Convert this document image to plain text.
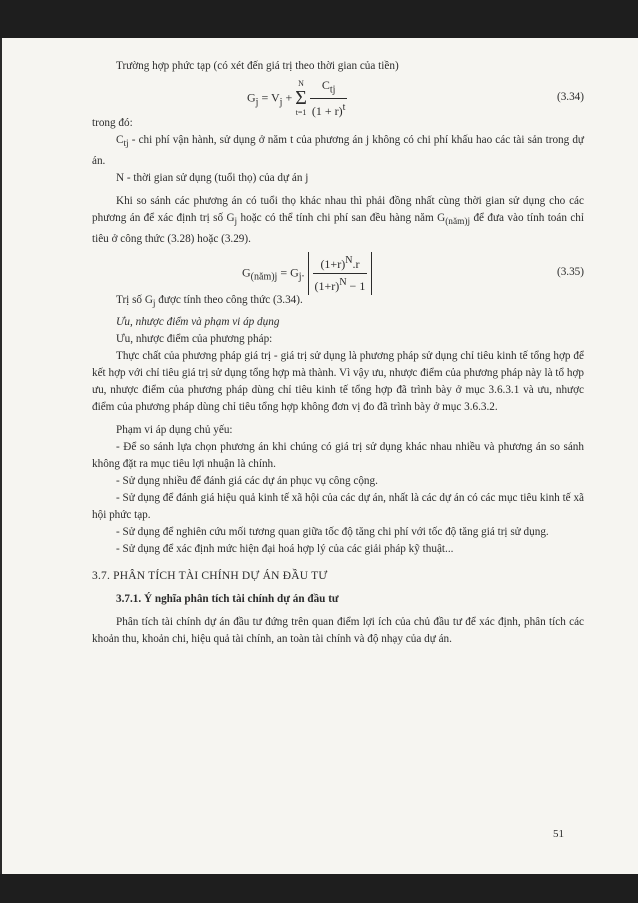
Trường hợp phức tạp (có xét đến giá trị theo thời gian của tiền)

$G_j = V_j$ +
N
Σ
t=1
$\frac{C_{tj}}{(1 + r)^t}$	(3.34)

trong đó:

$C_{tj}$ - chi phí vận hành, sử dụng ở năm t của phương án j không có chi phí khấu hao các tài sản trong dự án.

N - thời gian sử dụng (tuổi thọ) của dự án j

Khi so sánh các phương án có tuổi thọ khác nhau thì phải đồng nhất cùng thời gian sử dụng cho các phương án để xác định trị số $G_j$ hoặc có thể tính chi phí san đều hàng năm $G_{(năm)j}$ để đưa vào tính toán chỉ tiêu ở công thức (3.28) hoặc (3.29).

$G_{(năm)j} = G_j$. $\frac{(1+r)^N.r}{(1+r)^N - 1}$	(3.35)

Trị số $G_j$ được tính theo công thức (3.34).

Ưu, nhược điểm và phạm vi áp dụng

Ưu, nhược điểm của phương pháp:

Thực chất của phương pháp giá trị - giá trị sử dụng là phương pháp sử dụng chỉ tiêu kinh tế tổng hợp để kết hợp với chỉ tiêu giá trị sử dụng tổng hợp mà thành. Vì vậy ưu, nhược điểm của phương pháp này là tổ hợp ưu, nhược điểm của phương pháp dùng chỉ tiêu kinh tế tổng hợp đã trình bày ở mục 3.6.3.1 và ưu, nhược điểm của phương pháp dùng chỉ tiêu tổng hợp không đơn vị đo đã trình bày ở mục 3.6.3.2.

Phạm vi áp dụng chủ yếu:

- Để so sánh lựa chọn phương án khi chúng có giá trị sử dụng khác nhau nhiều và phương án so sánh không đặt ra mục tiêu lợi nhuận là chính.

- Sử dụng nhiều để đánh giá các dự án phục vụ công cộng.

- Sử dụng để đánh giá hiệu quả kinh tế xã hội của các dự án, nhất là các dự án có các mục tiêu kinh tế xã hội phức tạp.

- Sử dụng để nghiên cứu mối tương quan giữa tốc độ tăng chi phí với tốc độ tăng giá trị sử dụng.

- Sử dụng để xác định mức hiện đại hoá hợp lý của các giải pháp kỹ thuật...

3.7. PHÂN TÍCH TÀI CHÍNH DỰ ÁN ĐẦU TƯ

3.7.1. Ý nghĩa phân tích tài chính dự án đầu tư

Phân tích tài chính dự án đầu tư đứng trên quan điểm lợi ích của chủ đầu tư để xác định, phân tích các khoản thu, khoản chi, hiệu quả tài chính, an toàn tài chính và độ nhạy của dự án.

51
